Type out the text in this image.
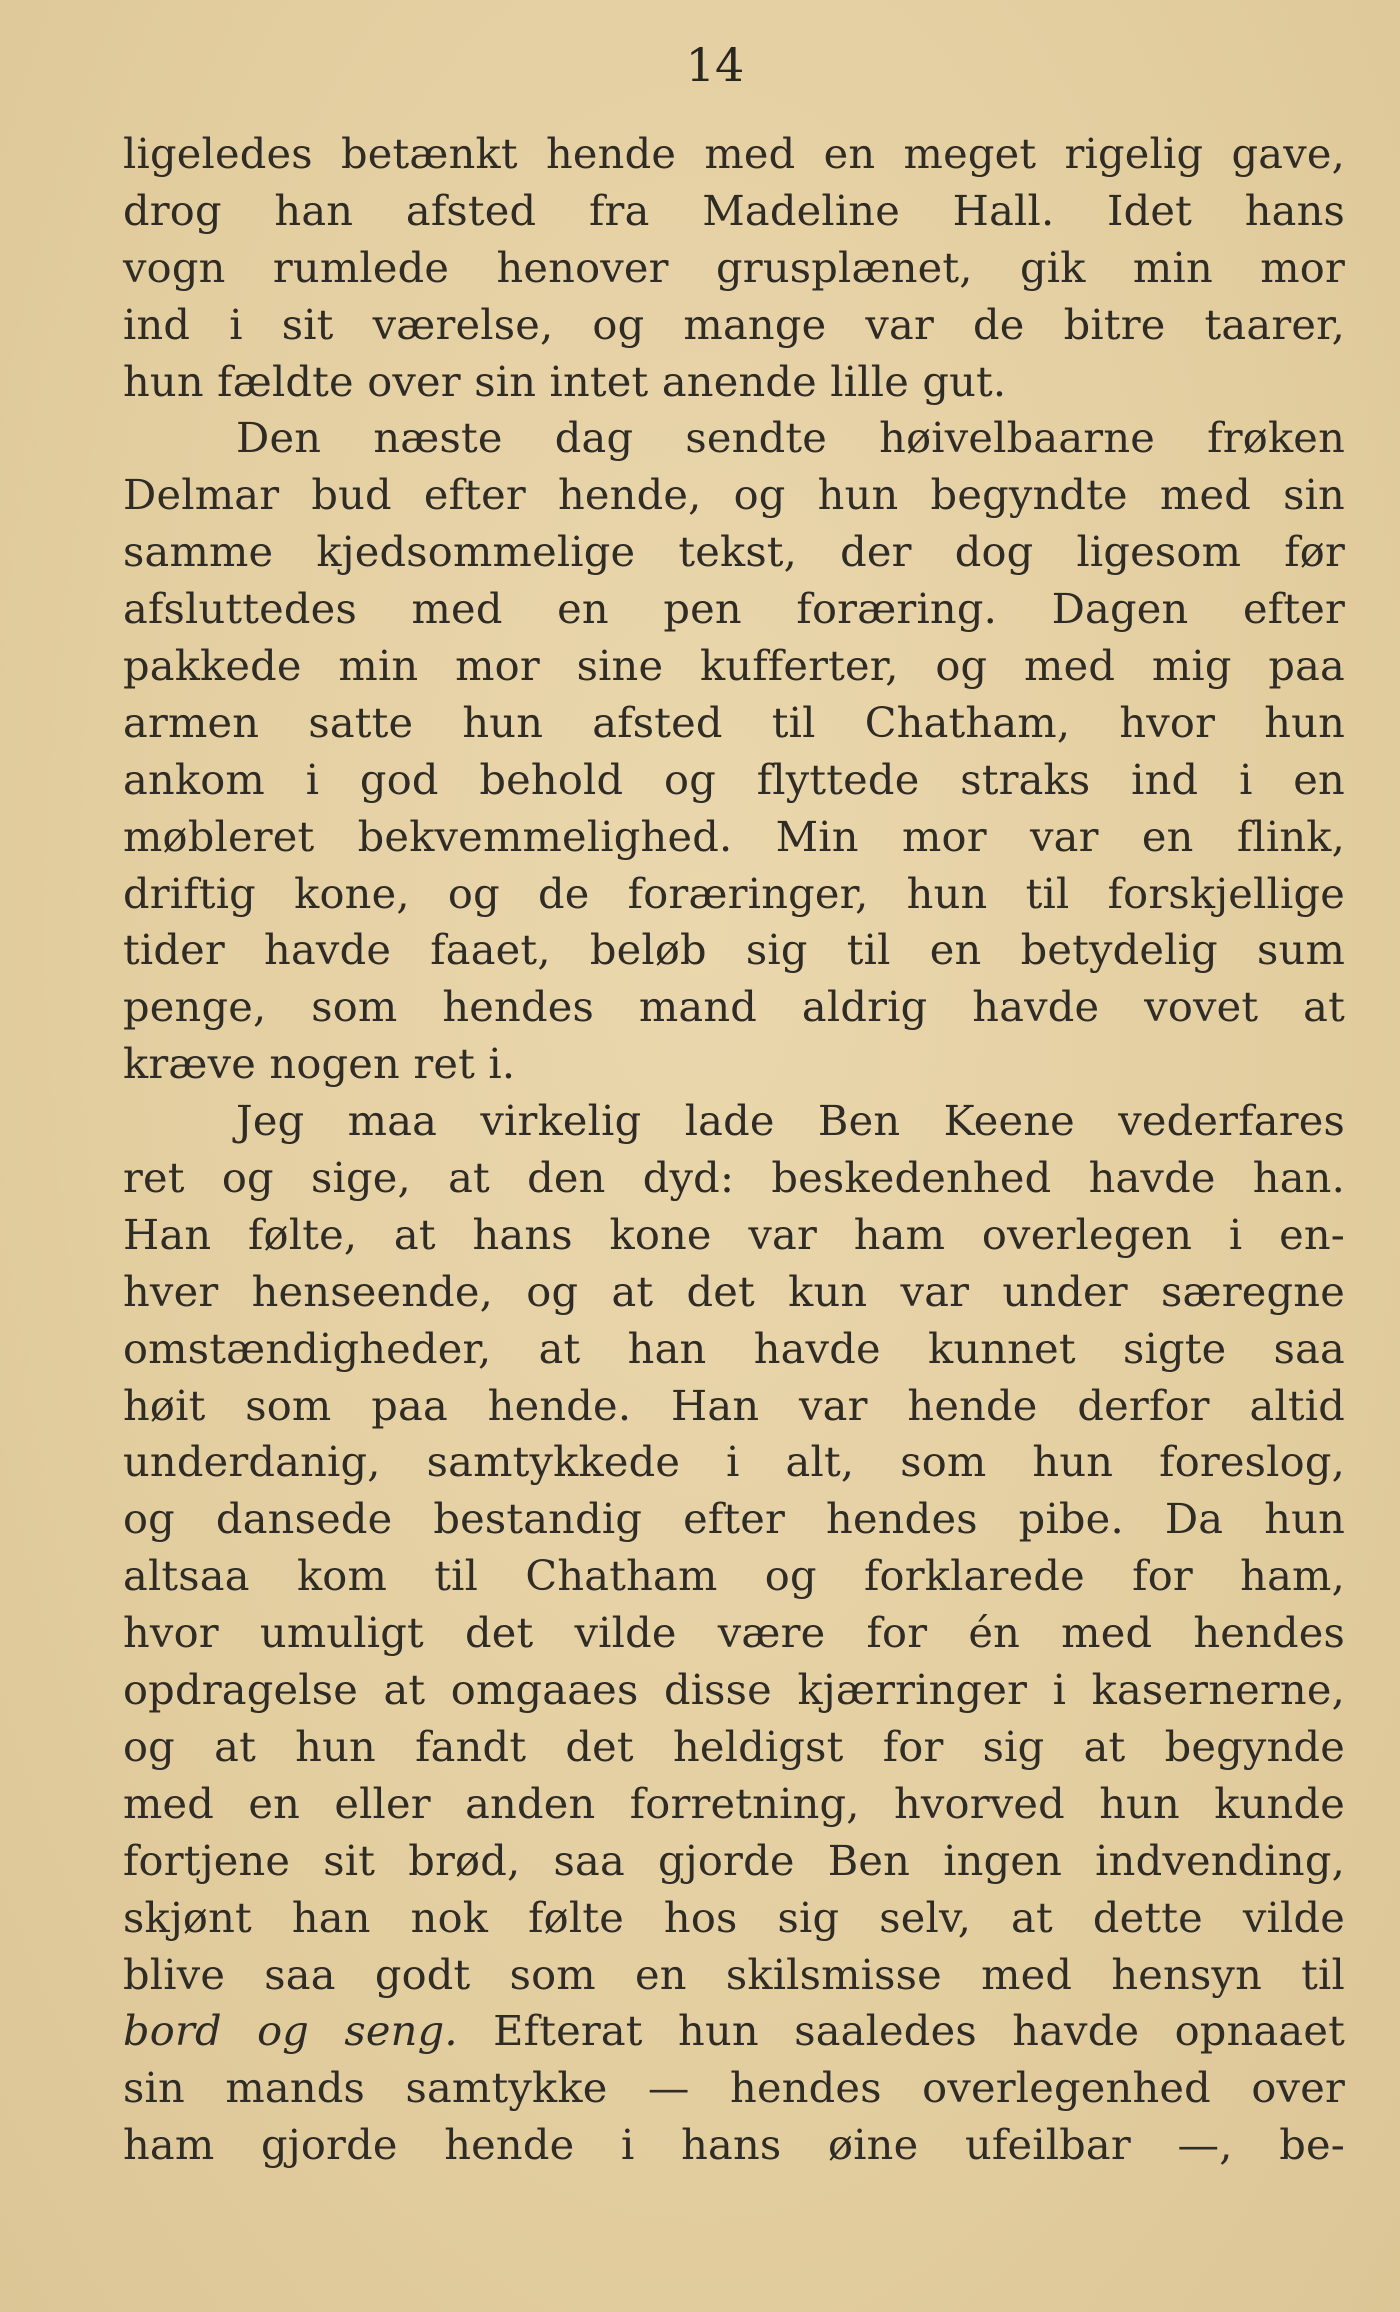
14
ligeledes betænkt hende med en meget rigelig gave,
drog han afsted fra Madeline Hall. Idet hans
vogn rumlede henover grusplænet, gik min mor
ind i sit værelse, og mange var de bitre taarer,
hun fældte over sin intet anende lille gut.
Den næste dag sendte høivelbaarne frøken
Delmar bud efter hende, og hun begyndte med sin
samme kjedsommelige tekst, der dog ligesom før
afsluttedes med en pen foræring. Dagen efter
pakkede min mor sine kufferter, og med mig paa
armen satte hun afsted til Chatham, hvor hun
ankom i god behold og flyttede straks ind i en
møbleret bekvemmelighed. Min mor var en flink,
driftig kone, og de foræringer, hun til forskjellige
tider havde faaet, beløb sig til en betydelig sum
penge, som hendes mand aldrig havde vovet at
kræve nogen ret i.
Jeg maa virkelig lade Ben Keene vederfares
ret og sige, at den dyd: beskedenhed havde han.
Han følte, at hans kone var ham overlegen i en-
hver henseende, og at det kun var under særegne
omstændigheder, at han havde kunnet sigte saa
høit som paa hende. Han var hende derfor altid
underdanig, samtykkede i alt, som hun foreslog,
og dansede bestandig efter hendes pibe. Da hun
altsaa kom til Chatham og forklarede for ham,
hvor umuligt det vilde være for én med hendes
opdragelse at omgaaes disse kjærringer i kasernerne,
og at hun fandt det heldigst for sig at begynde
med en eller anden forretning, hvorved hun kunde
fortjene sit brød, saa gjorde Ben ingen indvending,
skjønt han nok følte hos sig selv, at dette vilde
blive saa godt som en skilsmisse med hensyn til
bord og seng. Efterat hun saaledes havde opnaaet
sin mands samtykke — hendes overlegenhed over
ham gjorde hende i hans øine ufeilbar —, be-
